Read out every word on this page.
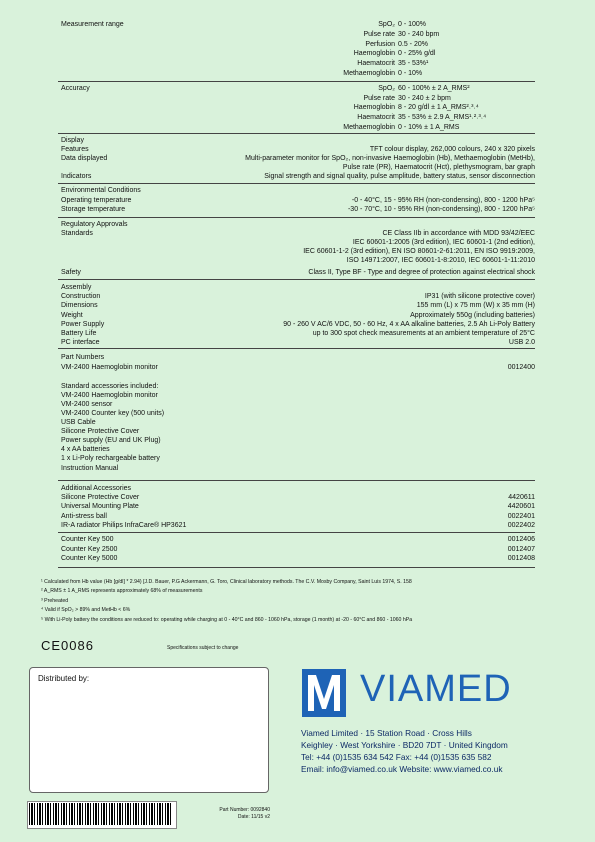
Measurement range	SpO₂ 0 - 100%
Pulse rate 30 - 240 bpm
Perfusion 0.5 - 20%
Haemoglobin 0 - 25% g/dl
Haematocrit 35 - 53%¹
Methaemoglobin 0 - 10%
Accuracy	SpO₂ 60 - 100% ± 2 A_RMS²
Pulse rate 30 - 240 ± 2 bpm
Haemoglobin 8 - 20 g/dl ± 1 A_RMS²˒³˒⁴
Haematocrit 35 - 53% ± 2.9 A_RMS¹˒²˒³˒⁴
Methaemoglobin 0 - 10% ± 1 A_RMS
Display
Features	TFT colour display, 262,000 colours, 240 x 320 pixels
Data displayed	Multi-parameter monitor for SpO₂, non-invasive Haemoglobin (Hb), Methaemoglobin (MetHb),
Pulse rate (PR), Haematocrit (Hct), plethysmogram, bar graph
Indicators	Signal strength and signal quality, pulse amplitude, battery status, sensor disconnection
Environmental Conditions
Operating temperature	-0 - 40°C, 15 - 95% RH (non-condensing), 800 - 1200 hPa⁵
Storage temperature	-30 - 70°C, 10 - 95% RH (non-condensing), 800 - 1200 hPa⁵
Regulatory Approvals
Standards	CE Class IIb in accordance with MDD 93/42/EEC
IEC 60601-1:2005 (3rd edition), IEC 60601-1 (2nd edition),
IEC 60601-1-2 (3rd edition), EN ISO 80601-2-61:2011, EN ISO 9919:2009,
ISO 14971:2007, IEC 60601-1-8:2010, IEC 60601-1-11:2010
Safety	Class II, Type BF - Type and degree of protection against electrical shock
Assembly
Construction	IP31 (with silicone protective cover)
Dimensions	155 mm (L) x 75 mm (W) x 35 mm (H)
Weight	Approximately 550g (including batteries)
Power Supply	90 - 260 V AC/6 VDC, 50 - 60 Hz, 4 x AA alkaline batteries, 2.5 Ah Li-Poly Battery
Battery Life	up to 300 spot check measurements at an ambient temperature of 25°C
PC interface	USB 2.0
Part Numbers
VM-2400 Haemoglobin monitor	0012400
Standard accessories included:
VM-2400 Haemoglobin monitor
VM-2400 sensor
VM-2400 Counter key (500 units)
USB Cable
Silicone Protective Cover
Power supply (EU and UK Plug)
4 x AA batteries
1 x Li-Poly rechargeable battery
Instruction Manual
Additional Accessories
Silicone Protective Cover	4420611
Universal Mounting Plate	4420601
Anti-stress ball	0022401
IR-A radiator Philips InfraCare® HP3621	0022402
Counter Key 500	0012406
Counter Key 2500	0012407
Counter Key 5000	0012408
¹ Calculated from Hb value (Hb [g/dl] * 2.94) [J.D. Bauer, P.G Ackermann, G. Toro, Clinical laboratory methods. The C.V. Mosby Company, Saint Luis 1974, S. 158
² A_RMS ± 1 A_RMS represents approximately 68% of measurements
³ Preheated
⁴ Valid if SpO₂ > 89% and MetHb < 6%
⁵ With Li-Poly battery the conditions are reduced to: operating while charging at 0 - 40°C and 860 - 1060 hPa, storage (1 month) at -20 - 60°C and 860 - 1060 hPa
CE0086	Specifications subject to change
Distributed by:	VIAMED
Viamed Limited · 15 Station Road · Cross Hills
Keighley · West Yorkshire · BD20 7DT · United Kingdom
Tel: +44 (0)1535 634 542 Fax: +44 (0)1535 635 582
Email: info@viamed.co.uk Website: www.viamed.co.uk
Part Number: 0092840
Date: 11/15 v2
